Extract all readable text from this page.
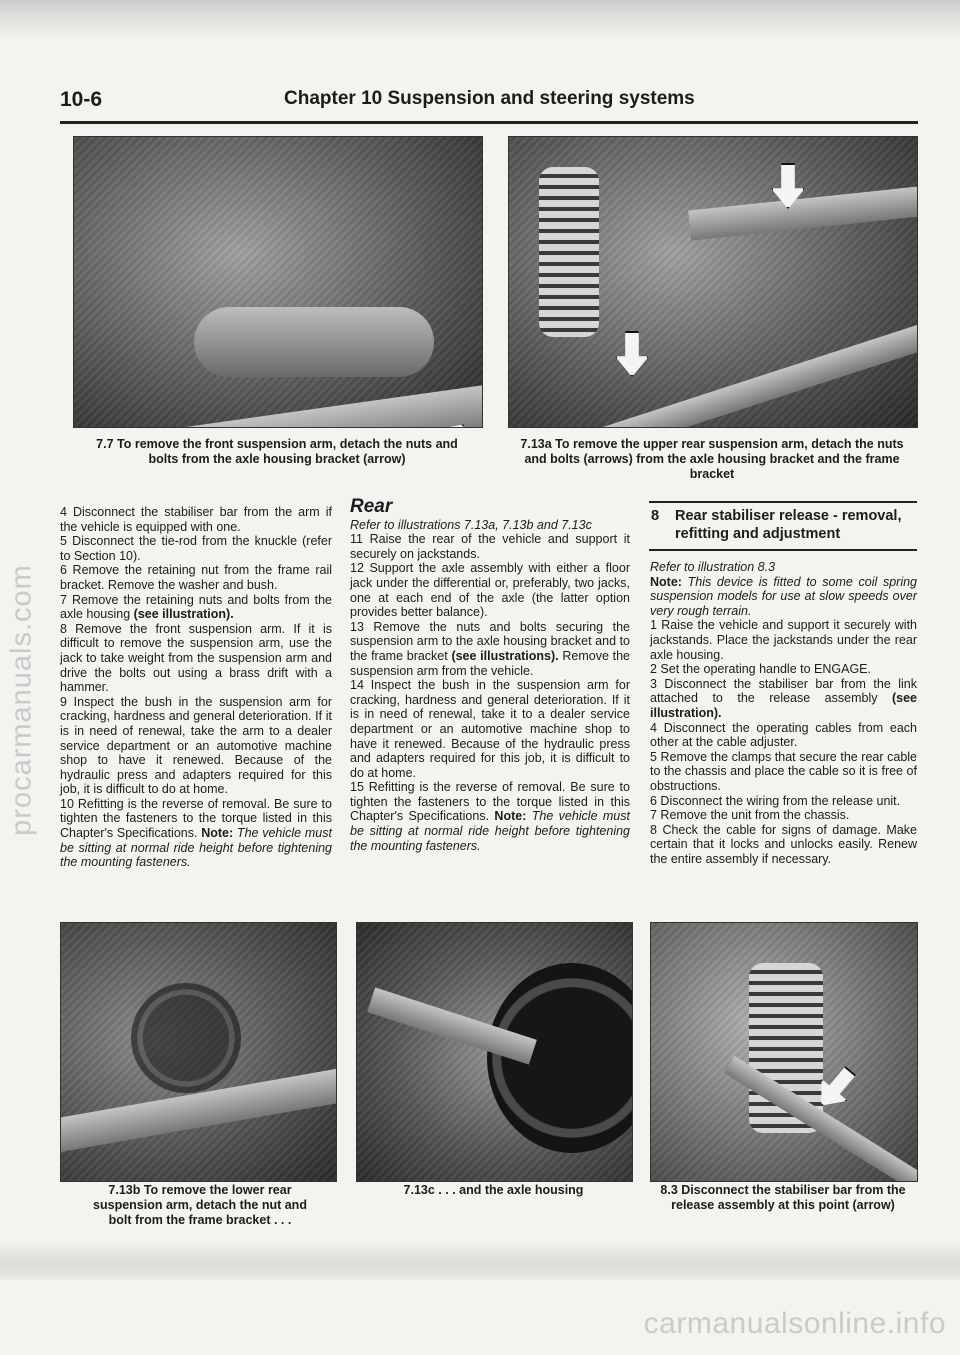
10-6	Chapter 10 Suspension and steering systems
7.7 To remove the front suspension arm, detach the nuts and bolts from the axle housing bracket (arrow)
7.13a To remove the upper rear suspension arm, detach the nuts and bolts (arrows) from the axle housing bracket and the frame bracket

4 Disconnect the stabiliser bar from the arm if the vehicle is equipped with one.

5 Disconnect the tie-rod from the knuckle (refer to Section 10).

6 Remove the retaining nut from the frame rail bracket. Remove the washer and bush.

7 Remove the retaining nuts and bolts from the axle housing (see illustration).

8 Remove the front suspension arm. If it is difficult to remove the suspension arm, use the jack to take weight from the suspension arm and drive the bolts out using a brass drift with a hammer.

9 Inspect the bush in the suspension arm for cracking, hardness and general deterioration. If it is in need of renewal, take the arm to a dealer service department or an automotive machine shop to have it renewed. Because of the hydraulic press and adapters required for this job, it is difficult to do at home.

10 Refitting is the reverse of removal. Be sure to tighten the fasteners to the torque listed in this Chapter's Specifications. Note: The vehicle must be sitting at normal ride height before tightening the mounting fasteners.

Rear

Refer to illustrations 7.13a, 7.13b and 7.13c

11 Raise the rear of the vehicle and support it securely on jackstands.

12 Support the axle assembly with either a floor jack under the differential or, preferably, two jacks, one at each end of the axle (the latter option provides better balance).

13 Remove the nuts and bolts securing the suspension arm to the axle housing bracket and to the frame bracket (see illustrations). Remove the suspension arm from the vehicle.

14 Inspect the bush in the suspension arm for cracking, hardness and general deterioration. If it is in need of renewal, take it to a dealer service department or an automotive machine shop to have it renewed. Because of the hydraulic press and adapters required for this job, it is difficult to do at home.

15 Refitting is the reverse of removal. Be sure to tighten the fasteners to the torque listed in this Chapter's Specifications. Note: The vehicle must be sitting at normal ride height before tightening the mounting fasteners.

8 Rear stabiliser release - removal, refitting and adjustment

Refer to illustration 8.3

Note: This device is fitted to some coil spring suspension models for use at slow speeds over very rough terrain.

1 Raise the vehicle and support it securely with jackstands. Place the jackstands under the rear axle housing.

2 Set the operating handle to ENGAGE.

3 Disconnect the stabiliser bar from the link attached to the release assembly (see illustration).

4 Disconnect the operating cables from each other at the cable adjuster.

5 Remove the clamps that secure the rear cable to the chassis and place the cable so it is free of obstructions.

6 Disconnect the wiring from the release unit.

7 Remove the unit from the chassis.

8 Check the cable for signs of damage. Make certain that it locks and unlocks easily. Renew the entire assembly if necessary.

7.13b To remove the lower rear suspension arm, detach the nut and bolt from the frame bracket . . .
7.13c . . . and the axle housing	8.3 Disconnect the stabiliser bar from the release assembly at this point (arrow)
procarmanuals.com
carmanualsonline.info
